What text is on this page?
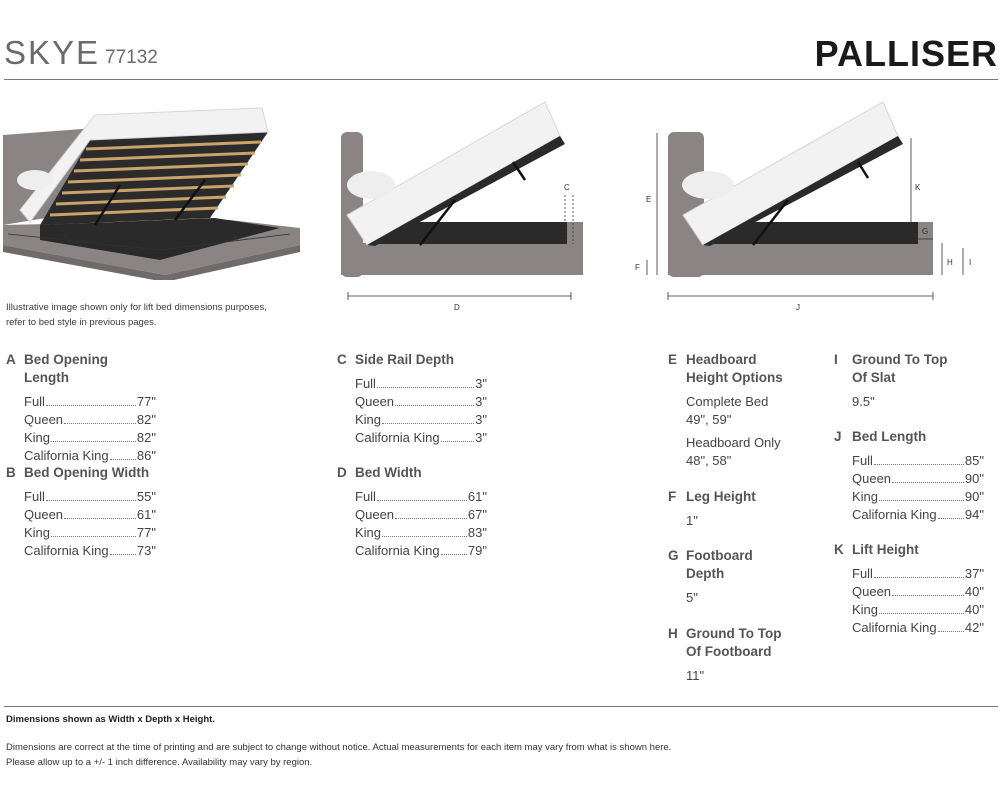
SKYE 77132	PALLISER
A	B
Illustrative image shown only for lift bed dimensions purposes, refer to bed style in previous pages.
C
D
E
F
K
G
H I
J
A Bed Opening Length
Full	77"
Queen	82"
King	82"
California King 86"
B Bed Opening Width
Full	55"
Queen	61"
King	77"
California King 73"
C Side Rail Depth
Full	3"
Queen	3"
King	3"
California King	3"
D Bed Width
Full	61"
Queen	67"
King	83"
California King 79"
E Headboard
Height Options
Complete Bed
49", 59"
Headboard Only
48", 58"
F Leg Height
1"
G Footboard
Depth
5"
H Ground To Top
Of Footboard
11"
I	Ground To Top
Of Slat
9.5"
J Bed Length
Full	85"
Queen	90"
King	90"
California King 94"
K Lift Height
Full	37"
Queen	40"
King	40"
California King 42"
Dimensions shown as Width x Depth x Height.
Dimensions are correct at the time of printing and are subject to change without notice. Actual measurements for each item may vary from what is shown here.
Please allow up to a +/- 1 inch difference. Availability may vary by region.
